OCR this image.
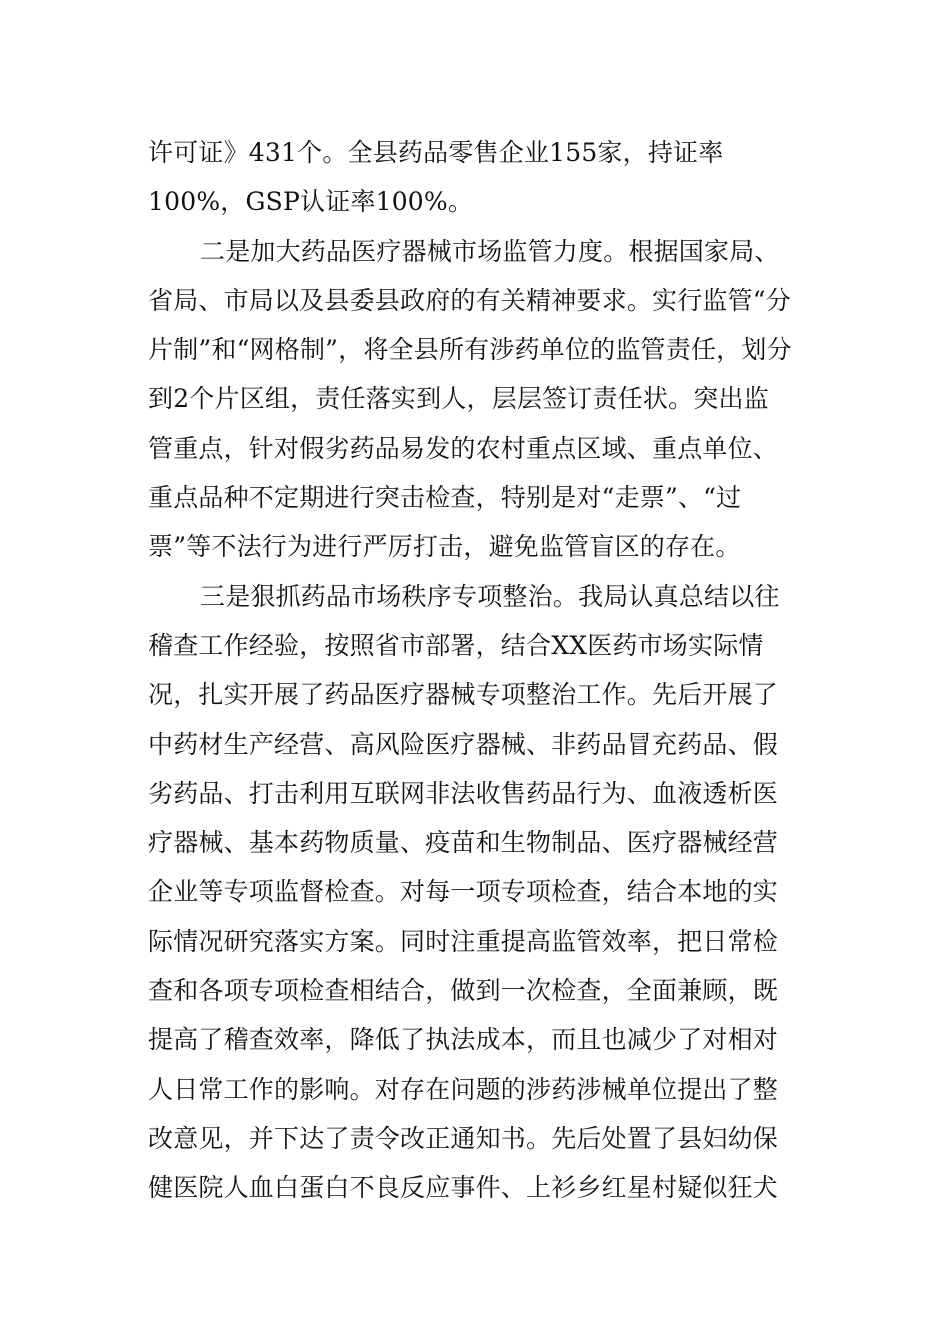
许可证》431个。全县药品零售企业155家，持证率
100%，GSP认证率100%。
二是加大药品医疗器械市场监管力度。根据国家局、
省局、市局以及县委县政府的有关精神要求。实行监管“分
片制”和“网格制”，将全县所有涉药单位的监管责任，划分
到2个片区组，责任落实到人，层层签订责任状。突出监
管重点，针对假劣药品易发的农村重点区域、重点单位、
重点品种不定期进行突击检查，特别是对“走票”、“过
票”等不法行为进行严厉打击，避免监管盲区的存在。
三是狠抓药品市场秩序专项整治。我局认真总结以往
稽查工作经验，按照省市部署，结合XX医药市场实际情
况，扎实开展了药品医疗器械专项整治工作。先后开展了
中药材生产经营、高风险医疗器械、非药品冒充药品、假
劣药品、打击利用互联网非法收售药品行为、血液透析医
疗器械、基本药物质量、疫苗和生物制品、医疗器械经营
企业等专项监督检查。对每一项专项检查，结合本地的实
际情况研究落实方案。同时注重提高监管效率，把日常检
查和各项专项检查相结合，做到一次检查，全面兼顾，既
提高了稽查效率，降低了执法成本，而且也减少了对相对
人日常工作的影响。对存在问题的涉药涉械单位提出了整
改意见，并下达了责令改正通知书。先后处置了县妇幼保
健医院人血白蛋白不良反应事件、上衫乡红星村疑似狂犬
